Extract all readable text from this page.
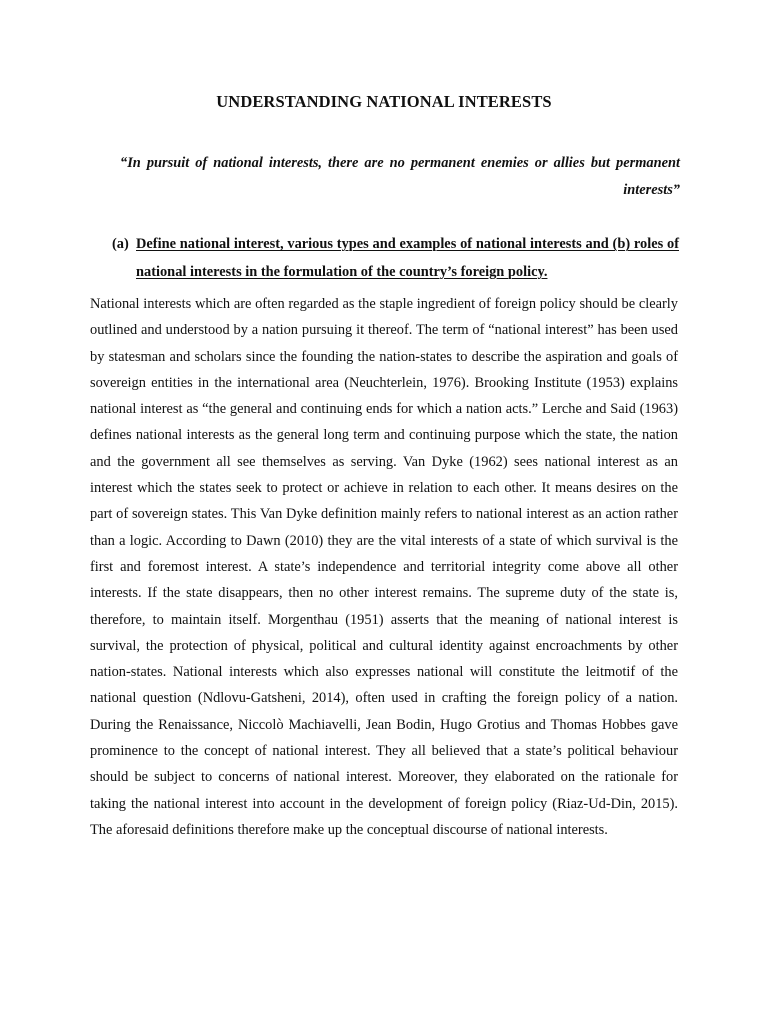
UNDERSTANDING NATIONAL INTERESTS
“In pursuit of national interests, there are no permanent enemies or allies but permanent interests”
(a) Define national interest, various types and examples of national interests and (b) roles of national interests in the formulation of the country’s foreign policy.

National interests which are often regarded as the staple ingredient of foreign policy should be clearly outlined and understood by a nation pursuing it thereof. The term of “national interest” has been used by statesman and scholars since the founding the nation-states to describe the aspiration and goals of sovereign entities in the international area (Neuchterlein, 1976). Brooking Institute (1953) explains national interest as “the general and continuing ends for which a nation acts.” Lerche and Said (1963) defines national interests as the general long term and continuing purpose which the state, the nation and the government all see themselves as serving. Van Dyke (1962) sees national interest as an interest which the states seek to protect or achieve in relation to each other. It means desires on the part of sovereign states. This Van Dyke definition mainly refers to national interest as an action rather than a logic. According to Dawn (2010) they are the vital interests of a state of which survival is the first and foremost interest. A state’s independence and territorial integrity come above all other interests. If the state disappears, then no other interest remains. The supreme duty of the state is, therefore, to maintain itself. Morgenthau (1951) asserts that the meaning of national interest is survival, the protection of physical, political and cultural identity against encroachments by other nation-states. National interests which also expresses national will constitute the leitmotif of the national question (Ndlovu-Gatsheni, 2014), often used in crafting the foreign policy of a nation. During the Renaissance, Niccolò Machiavelli, Jean Bodin, Hugo Grotius and Thomas Hobbes gave prominence to the concept of national interest. They all believed that a state’s political behaviour should be subject to concerns of national interest. Moreover, they elaborated on the rationale for taking the national interest into account in the development of foreign policy (Riaz-Ud-Din, 2015). The aforesaid definitions therefore make up the conceptual discourse of national interests.
